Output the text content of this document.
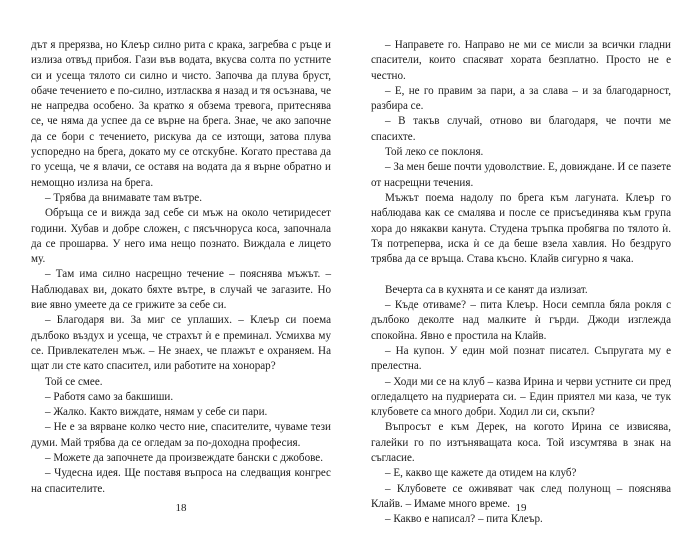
дът я прерязва, но Клеър силно рита с крака, загребва с ръце и излиза отвъд прибоя. Гази във водата, вкусва солта по устните си и усеща тялото си силно и чисто. Започва да плува бруст, обаче течението е по-силно, изтласква я назад и тя осъзнава, че не напредва особено. За кратко я обзема тревога, притеснява се, че няма да успее да се върне на брега. Знае, че ако започне да се бори с течението, рискува да се изтощи, затова плува успоредно на брега, докато му се отскубне. Когато престава да го усеща, че я влачи, се оставя на водата да я върне обратно и немощно излиза на брега.

– Трябва да внимавате там вътре.

Обръща се и вижда зад себе си мъж на около четиридесет години. Хубав и добре сложен, с пясъчноруса коса, започнала да се прошарва. У него има нещо познато. Виждала е лицето му.

– Там има силно насрещно течение – пояснява мъжът. – Наблюдавах ви, докато бяхте вътре, в случай че загазите. Но вие явно умеете да се грижите за себе си.

– Благодаря ви. За миг се уплаших. – Клеър си поема дълбоко въздух и усеща, че страхът ѝ е преминал. Усмихва му се. Привлекателен мъж. – Не знаех, че плажът е охраняем. На щат ли сте като спасител, или работите на хонорар?

Той се смее.

– Работя само за бакшиши.

– Жалко. Както виждате, нямам у себе си пари.

– Не е за вярване колко често ние, спасителите, чуваме тези думи. Май трябва да се огледам за по-доходна професия.

– Можете да започнете да произвеждате бански с джобове.

– Чудесна идея. Ще поставя въпроса на следващия конгрес на спасителите.

18

– Направете го. Направо не ми се мисли за всички гладни спасители, които спасяват хората безплатно. Просто не е честно.

– Е, не го правим за пари, а за слава – и за благодарност, разбира се.

– В такъв случай, отново ви благодаря, че почти ме спасихте.

Той леко се поклоня.

– За мен беше почти удоволствие. Е, довиждане. И се пазете от насрещни течения.

Мъжът поема надолу по брега към лагуната. Клеър го наблюдава как се смалява и после се присъединява към група хора до някакви канута. Студена тръпка пробягва по тялото ѝ. Тя потреперва, иска ѝ се да беше взела хавлия. Но бездруго трябва да се връща. Става късно. Клайв сигурно я чака.

Вечерта са в кухнята и се канят да излизат.

– Къде отиваме? – пита Клеър. Носи семпла бяла рокля с дълбоко деколте над малките ѝ гърди. Джоди изглежда спокойна. Явно е простила на Клайв.

– На купон. У един мой познат писател. Съпругата му е прелестна.

– Ходи ми се на клуб – казва Ирина и черви устните си пред огледалцето на пудриерата си. – Един приятел ми каза, че тук клубовете са много добри. Ходил ли си, скъпи?

Въпросът е към Дерек, на когото Ирина се извисява, галейки го по изтъняващата коса. Той изсумтява в знак на съгласие.

– Е, какво ще кажете да отидем на клуб?

– Клубовете се оживяват чак след полунощ – пояснява Клайв. – Имаме много време.

– Какво е написал? – пита Клеър.

19
